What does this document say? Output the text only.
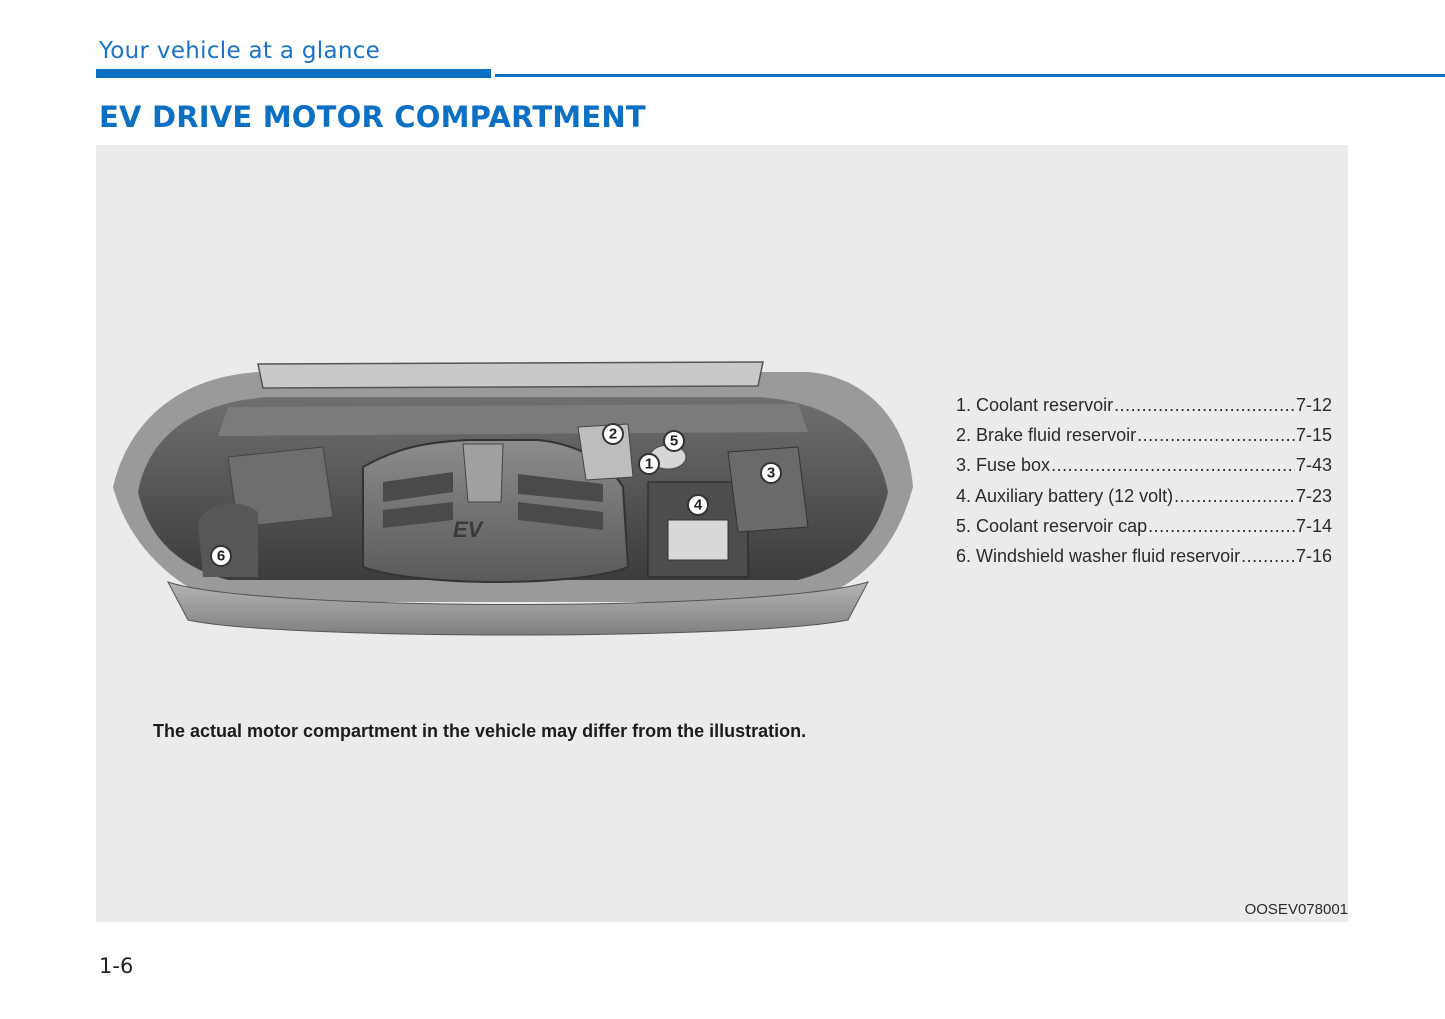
Your vehicle at a glance
EV DRIVE MOTOR COMPARTMENT
EV
1
2
3
4
5
6
1. Coolant reservoir .....	7-12
2. Brake fluid reservoir .....	7-15
3. Fuse box .....	7-43
4. Auxiliary battery (12 volt) .....	7-23
5. Coolant reservoir cap .....	7-14
6. Windshield washer fluid reservoir .....	7-16
The actual motor compartment in the vehicle may differ from the illustration.
OOSEV078001
1-6
